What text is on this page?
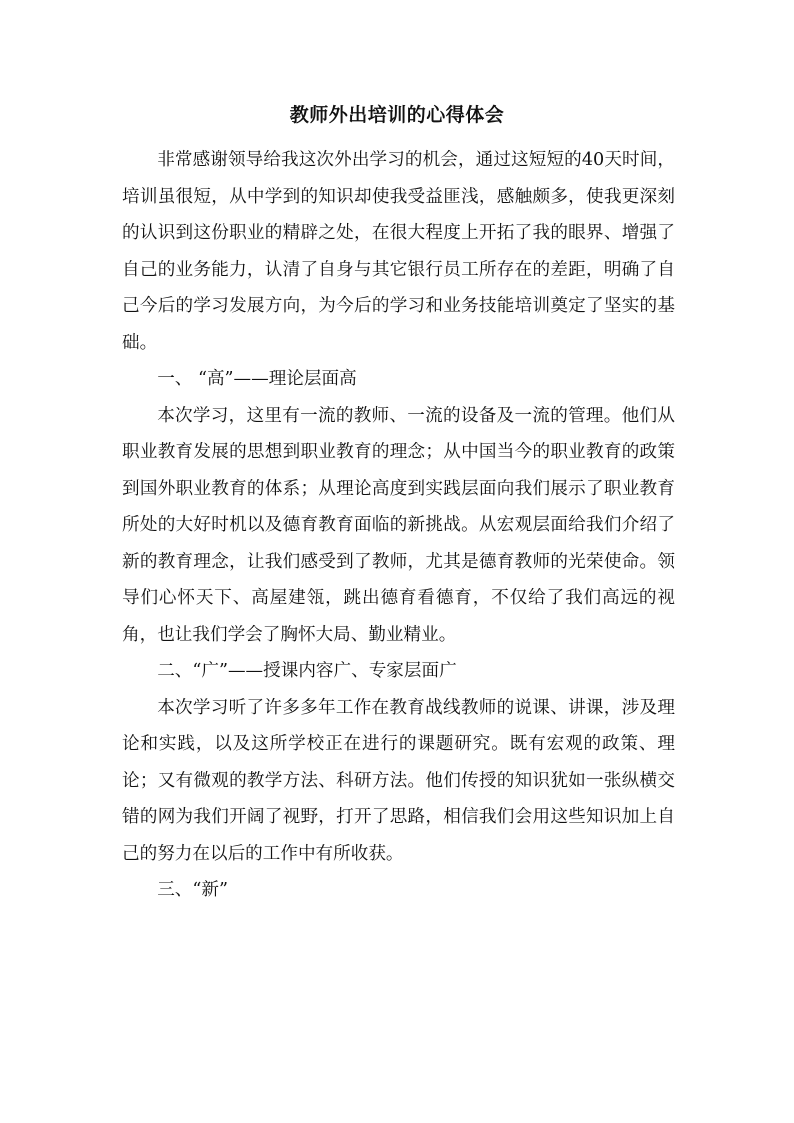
教师外出培训的心得体会

非常感谢领导给我这次外出学习的机会，通过这短短的40天时间，培训虽很短，从中学到的知识却使我受益匪浅，感触颇多，使我更深刻的认识到这份职业的精辟之处，在很大程度上开拓了我的眼界、增强了自己的业务能力，认清了自身与其它银行员工所存在的差距，明确了自己今后的学习发展方向，为今后的学习和业务技能培训奠定了坚实的基础。

一、 “高”——理论层面高

本次学习，这里有一流的教师、一流的设备及一流的管理。他们从职业教育发展的思想到职业教育的理念；从中国当今的职业教育的政策到国外职业教育的体系；从理论高度到实践层面向我们展示了职业教育所处的大好时机以及德育教育面临的新挑战。从宏观层面给我们介绍了新的教育理念，让我们感受到了教师，尤其是德育教师的光荣使命。领导们心怀天下、高屋建瓴，跳出德育看德育，不仅给了我们高远的视角，也让我们学会了胸怀大局、勤业精业。

二、“广”——授课内容广、专家层面广

本次学习听了许多多年工作在教育战线教师的说课、讲课，涉及理论和实践，以及这所学校正在进行的课题研究。既有宏观的政策、理论；又有微观的教学方法、科研方法。他们传授的知识犹如一张纵横交错的网为我们开阔了视野，打开了思路，相信我们会用这些知识加上自己的努力在以后的工作中有所收获。

三、“新”
